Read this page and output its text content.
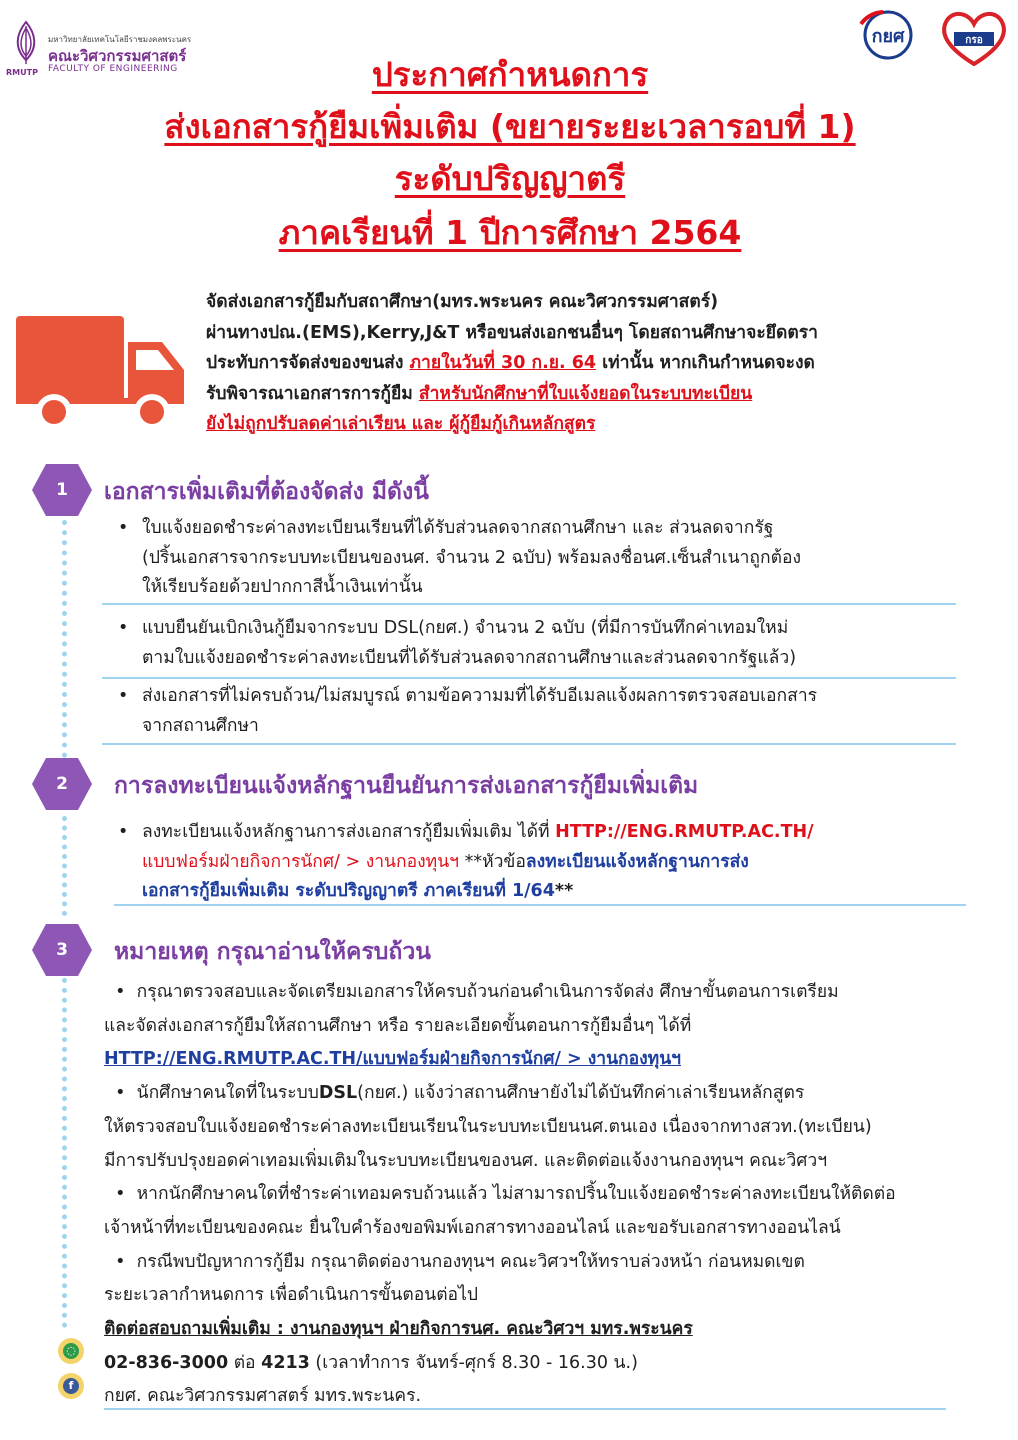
RMUTP
มหาวิทยาลัยเทคโนโลยีราชมงคลพระนคร
คณะวิศวกรรมศาสตร์
FACULTY OF ENGINEERING
กยศ	กรอ
ประกาศกำหนดการ
ส่งเอกสารกู้ยืมเพิ่มเติม (ขยายระยะเวลารอบที่ 1)
ระดับปริญญาตรี
ภาคเรียนที่ 1 ปีการศึกษา 2564
จัดส่งเอกสารกู้ยืมกับสถาศึกษา(มทร.พระนคร คณะวิศวกรรมศาสตร์)
ผ่านทางปณ.(EMS),Kerry,J&T หรือขนส่งเอกชนอื่นๆ โดยสถานศึกษาจะยึดตรา
ประทับการจัดส่งของขนส่ง ภายในวันที่ 30 ก.ย. 64 เท่านั้น หากเกินกำหนดจะงด
รับพิจารณาเอกสารการกู้ยืม สำหรับนักศึกษาที่ใบแจ้งยอดในระบบทะเบียน
ยังไม่ถูกปรับลดค่าเล่าเรียน และ ผู้กู้ยืมกู้เกินหลักสูตร
1	เอกสารเพิ่มเติมที่ต้องจัดส่ง มีดังนี้
• ใบแจ้งยอดชำระค่าลงทะเบียนเรียนที่ได้รับส่วนลดจากสถานศึกษา และ ส่วนลดจากรัฐ
(ปริ้นเอกสารจากระบบทะเบียนของนศ. จำนวน 2 ฉบับ) พร้อมลงชื่อนศ.เซ็นสำเนาถูกต้อง
ให้เรียบร้อยด้วยปากกาสีน้ำเงินเท่านั้น
• แบบยืนยันเบิกเงินกู้ยืมจากระบบ DSL(กยศ.) จำนวน 2 ฉบับ (ที่มีการบันทึกค่าเทอมใหม่
ตามใบแจ้งยอดชำระค่าลงทะเบียนที่ได้รับส่วนลดจากสถานศึกษาและส่วนลดจากรัฐแล้ว)
• ส่งเอกสารที่ไม่ครบถ้วน/ไม่สมบูรณ์ ตามข้อความมที่ได้รับอีเมลแจ้งผลการตรวจสอบเอกสาร
จากสถานศึกษา
2	การลงทะเบียนแจ้งหลักฐานยืนยันการส่งเอกสารกู้ยืมเพิ่มเติม
• ลงทะเบียนแจ้งหลักฐานการส่งเอกสารกู้ยืมเพิ่มเติม ได้ที่ HTTP://ENG.RMUTP.AC.TH/
แบบฟอร์มฝ่ายกิจการนักศ/ > งานกองทุนฯ **หัวข้อลงทะเบียนแจ้งหลักฐานการส่ง
เอกสารกู้ยืมเพิ่มเติม ระดับปริญญาตรี ภาคเรียนที่ 1/64**
3	หมายเหตุ กรุณาอ่านให้ครบถ้วน
• กรุณาตรวจสอบและจัดเตรียมเอกสารให้ครบถ้วนก่อนดำเนินการจัดส่ง ศึกษาขั้นตอนการเตรียม
และจัดส่งเอกสารกู้ยืมให้สถานศึกษา หรือ รายละเอียดขั้นตอนการกู้ยืมอื่นๆ ได้ที่
HTTP://ENG.RMUTP.AC.TH/แบบฟอร์มฝ่ายกิจการนักศ/ > งานกองทุนฯ
• นักศึกษาคนใดที่ในระบบDSL(กยศ.) แจ้งว่าสถานศึกษายังไม่ได้บันทึกค่าเล่าเรียนหลักสูตร
ให้ตรวจสอบใบแจ้งยอดชำระค่าลงทะเบียนเรียนในระบบทะเบียนนศ.ตนเอง เนื่องจากทางสวท.(ทะเบียน)
มีการปรับปรุงยอดค่าเทอมเพิ่มเติมในระบบทะเบียนของนศ. และติดต่อแจ้งงานกองทุนฯ คณะวิศวฯ
• หากนักศึกษาคนใดที่ชำระค่าเทอมครบถ้วนแล้ว ไม่สามารถปริ้นใบแจ้งยอดชำระค่าลงทะเบียนให้ติดต่อ
เจ้าหน้าที่ทะเบียนของคณะ ยื่นใบคำร้องขอพิมพ์เอกสารทางออนไลน์ และขอรับเอกสารทางออนไลน์
• กรณีพบปัญหาการกู้ยืม กรุณาติดต่องานกองทุนฯ คณะวิศวฯให้ทราบล่วงหน้า ก่อนหมดเขต
ระยะเวลากำหนดการ เพื่อดำเนินการขั้นตอนต่อไป
ติดต่อสอบถามเพิ่มเติม : งานกองทุนฯ ฝ่ายกิจการนศ. คณะวิศวฯ มทร.พระนคร
02-836-3000 ต่อ 4213 (เวลาทำการ จันทร์-ศุกร์ 8.30 - 16.30 น.)
กยศ. คณะวิศวกรรมศาสตร์ มทร.พระนคร.
◌
f
